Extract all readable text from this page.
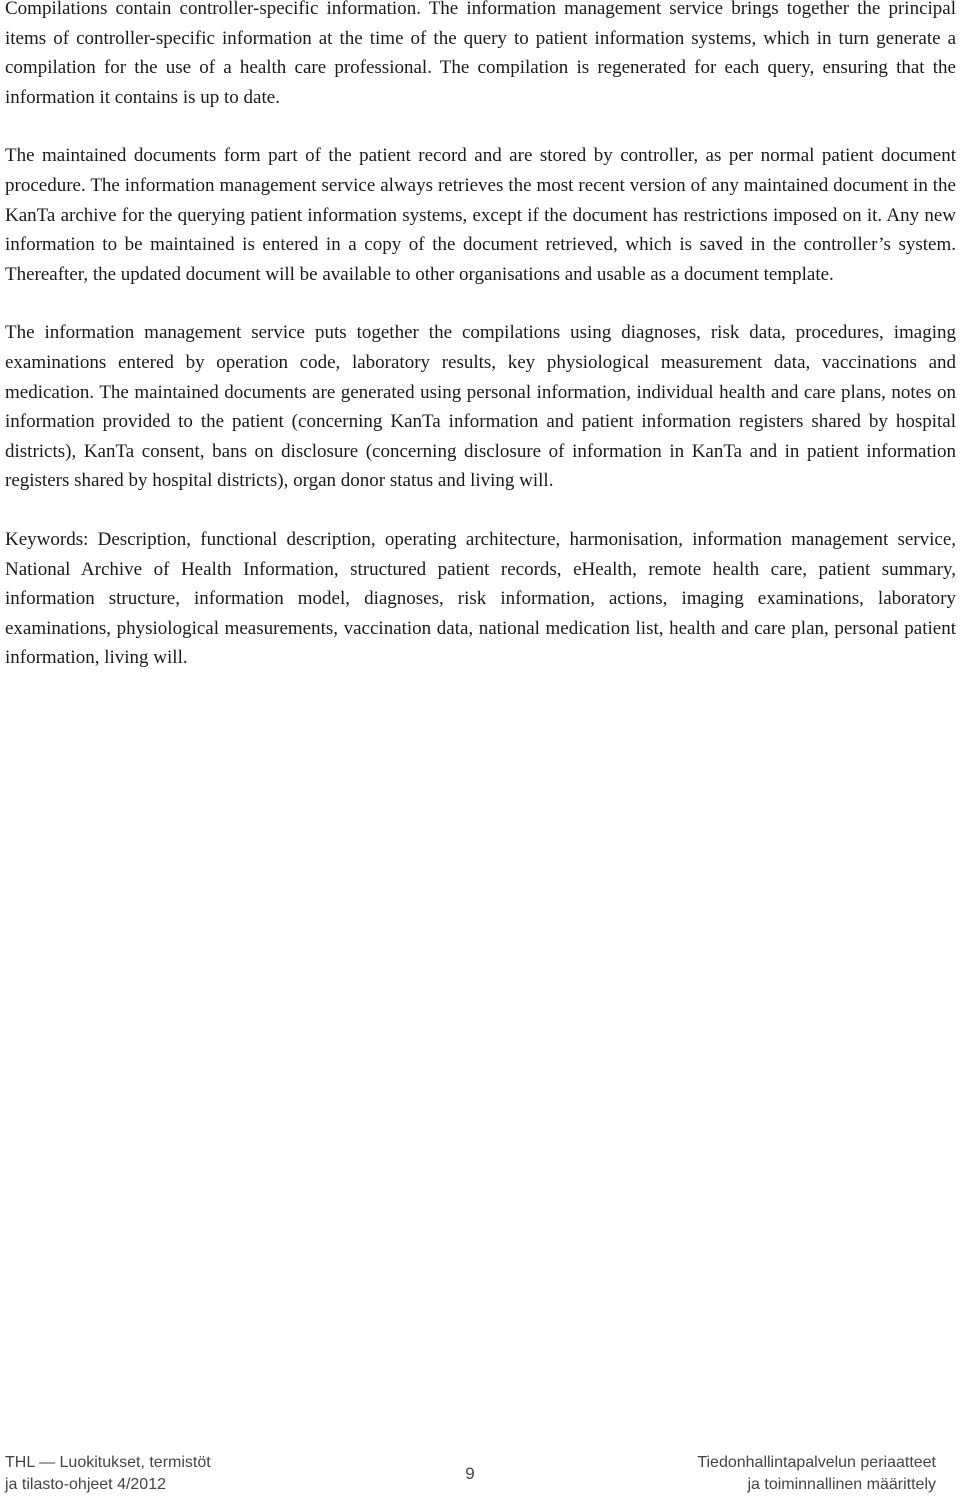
Compilations contain controller-specific information. The information management service brings together the principal items of controller-specific information at the time of the query to patient information systems, which in turn generate a compilation for the use of a health care professional. The compilation is regenerated for each query, ensuring that the information it contains is up to date.

The maintained documents form part of the patient record and are stored by controller, as per normal patient document procedure. The information management service always retrieves the most recent version of any maintained document in the KanTa archive for the querying patient information systems, except if the document has restrictions imposed on it. Any new information to be maintained is entered in a copy of the document retrieved, which is saved in the controller’s system. Thereafter, the updated document will be available to other organisations and usable as a document template.

The information management service puts together the compilations using diagnoses, risk data, procedures, imaging examinations entered by operation code, laboratory results, key physiological measurement data, vaccinations and medication. The maintained documents are generated using personal information, individual health and care plans, notes on information provided to the patient (concerning KanTa information and patient information registers shared by hospital districts), KanTa consent, bans on disclosure (concerning disclosure of information in KanTa and in patient information registers shared by hospital districts), organ donor status and living will.

Keywords: Description, functional description, operating architecture, harmonisation, information management service, National Archive of Health Information, structured patient records, eHealth, remote health care, patient summary, information structure, information model, diagnoses, risk information, actions, imaging examinations, laboratory examinations, physiological measurements, vaccination data, national medication list, health and care plan, personal patient information, living will.

THL — Luokitukset, termistöt
ja tilasto-ohjeet 4/2012
9
Tiedonhallintapalvelun periaatteet
ja toiminnallinen määrittely
